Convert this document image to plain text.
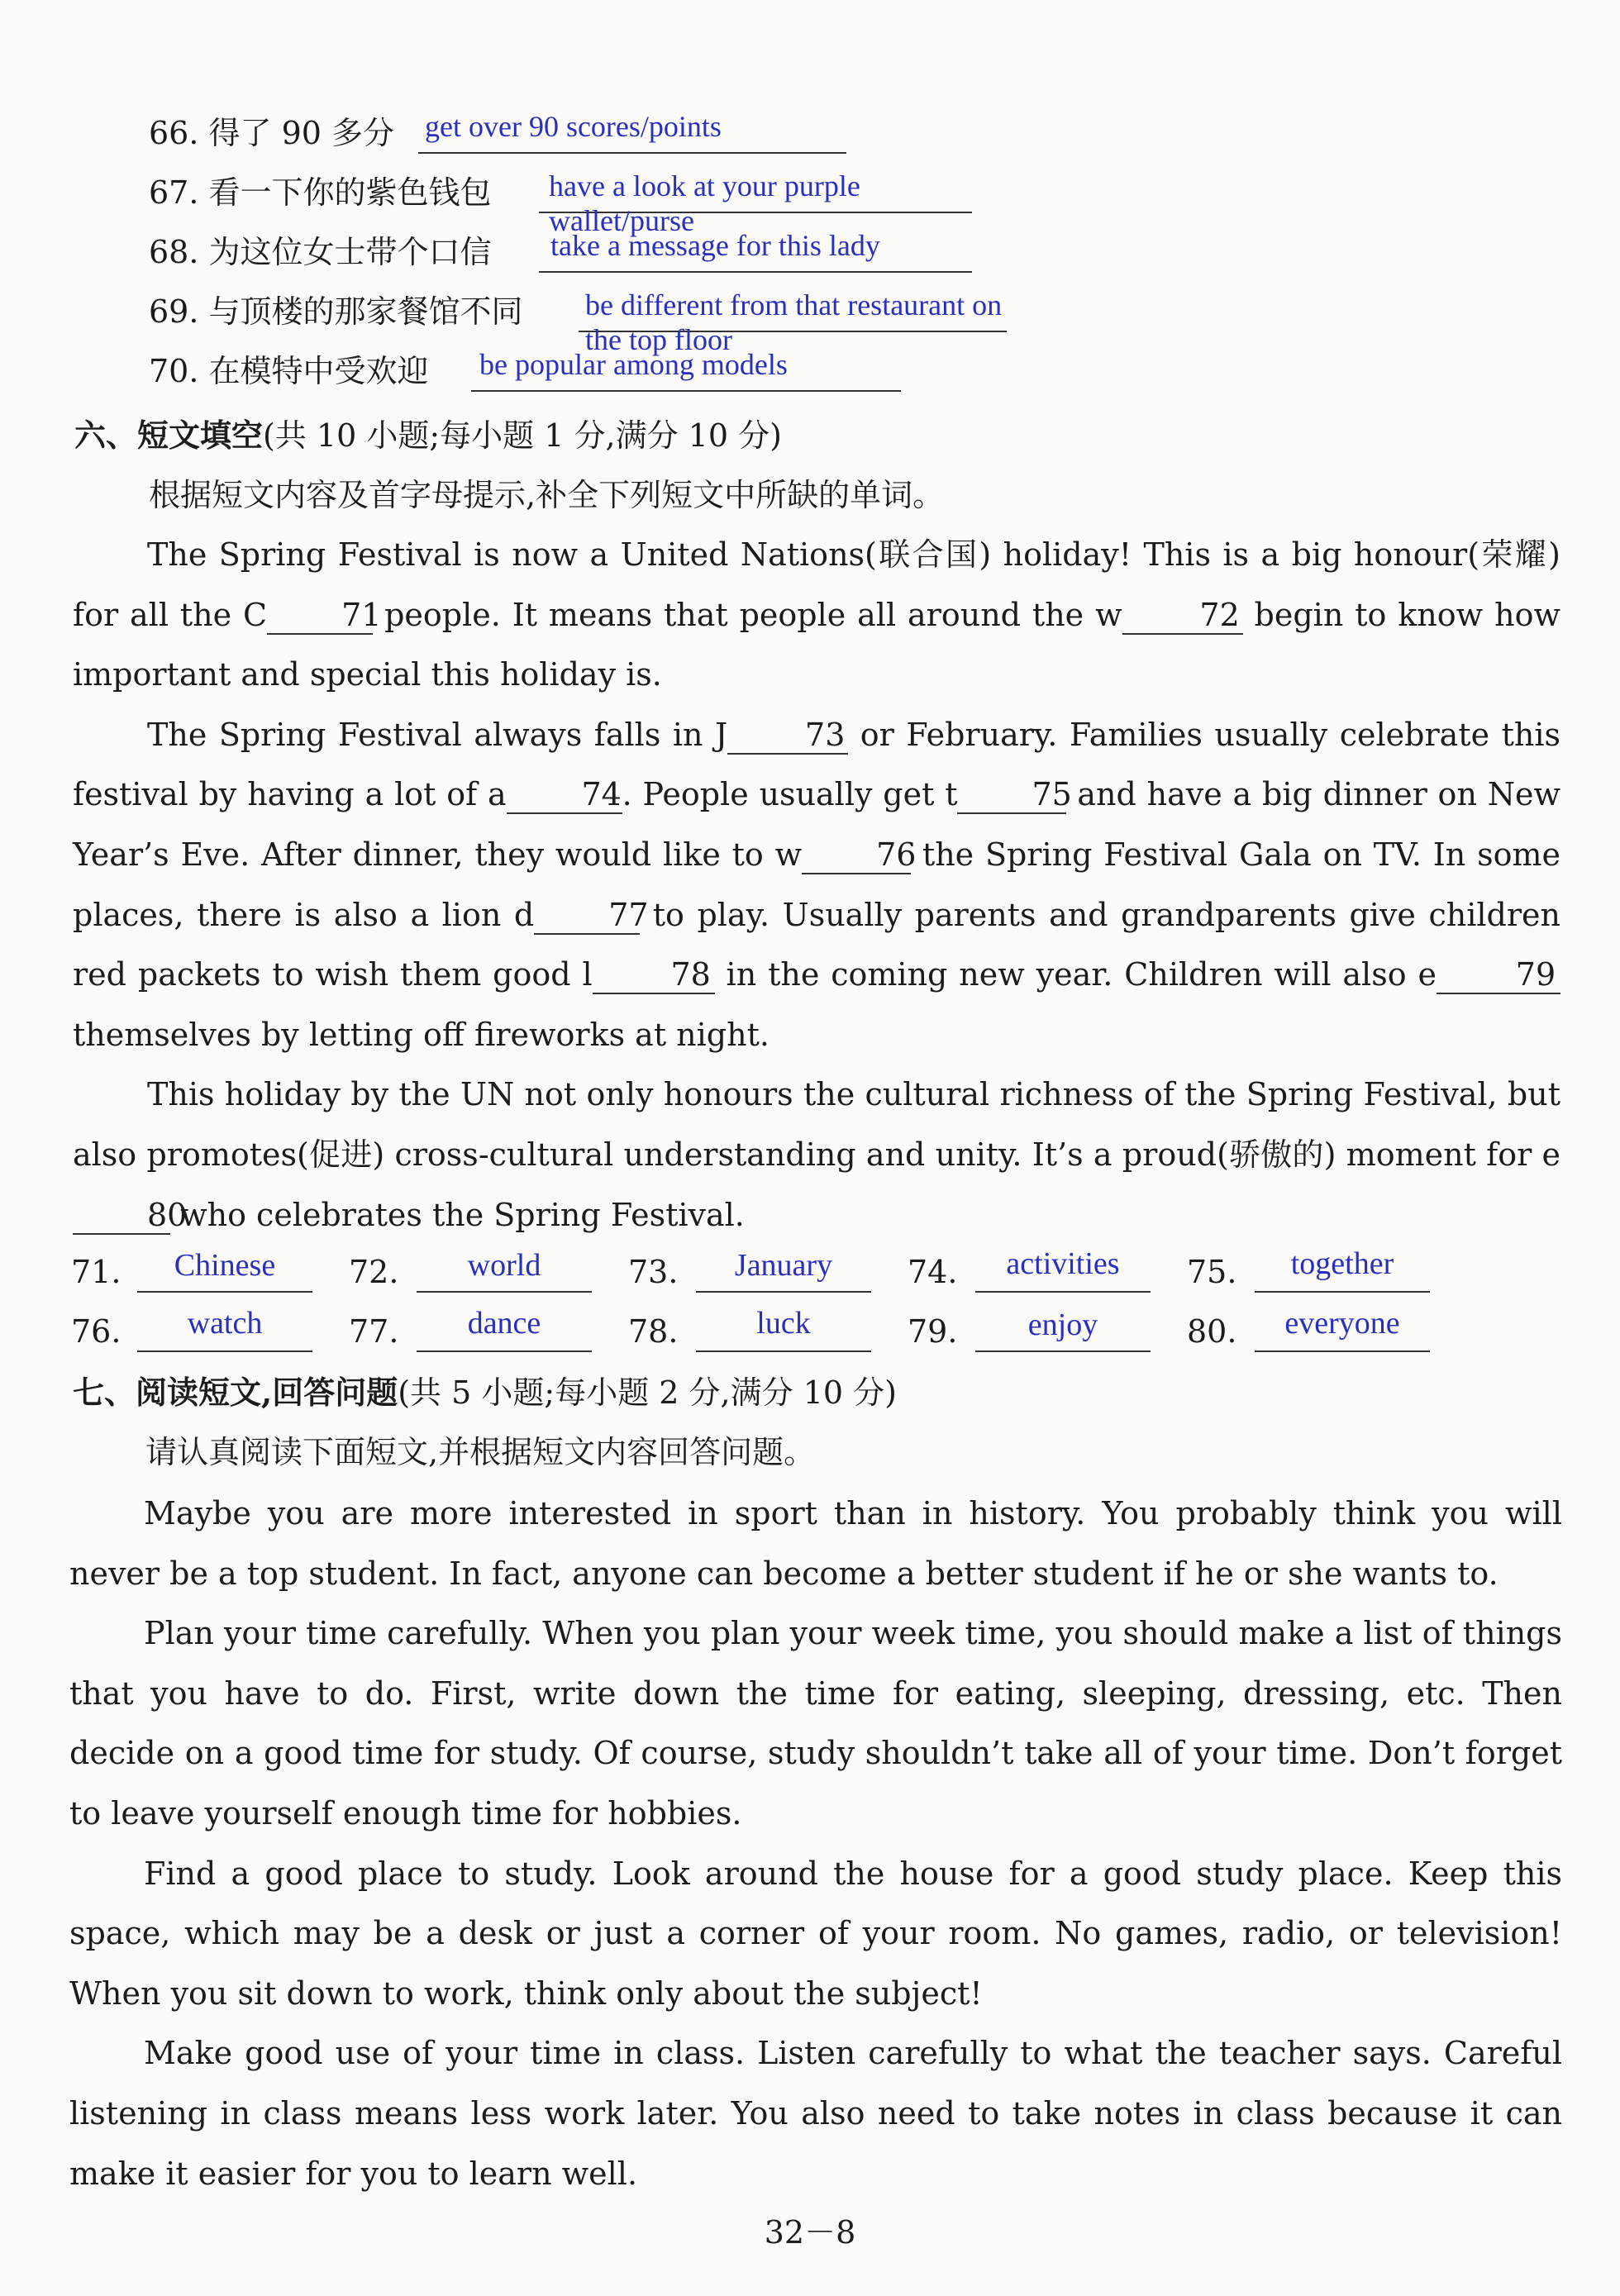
66. 得了 90 多分 get over 90 scores/points
67. 看一下你的紫色钱包 have a look at your purple wallet/purse
68. 为这位女士带个口信 take a message for this lady
69. 与顶楼的那家餐馆不同 be different from that restaurant on the top floor
70. 在模特中受欢迎 be popular among models
六、短文填空(共 10 小题;每小题 1 分,满分 10 分)
根据短文内容及首字母提示,补全下列短文中所缺的单词。

The Spring Festival is now a United Nations(联合国) holiday! This is a big honour(荣耀) for all the C 71 people. It means that people all around the w 72 begin to know how important and special this holiday is.

The Spring Festival always falls in J 73 or February. Families usually celebrate this festival by having a lot of a 74. People usually get t 75 and have a big dinner on New Year’s Eve. After dinner, they would like to w 76 the Spring Festival Gala on TV. In some places, there is also a lion d 77 to play. Usually parents and grandparents give children red packets to wish them good l 78 in the coming new year. Children will also e	79 themselves by letting off fireworks at night.

This holiday by the UN not only honours the cultural richness of the Spring Festival, but also promotes(促进) cross-cultural understanding and unity. It’s a proud(骄傲的) moment for e80 who celebrates the Spring Festival.

71.	Chinese	72.	world	73.	January	74.	activities	75.	together
76.	watch	77.	dance	78.	luck	79.	enjoy	80.	everyone
七、阅读短文,回答问题(共 5 小题;每小题 2 分,满分 10 分)
请认真阅读下面短文,并根据短文内容回答问题。

Maybe you are more interested in sport than in history. You probably think you will never be a top student. In fact, anyone can become a better student if he or she wants to.

Plan your time carefully. When you plan your week time, you should make a list of things that you have to do. First, write down the time for eating, sleeping, dressing, etc. Then decide on a good time for study. Of course, study shouldn’t take all of your time. Don’t forget to leave yourself enough time for hobbies.

Find a good place to study. Look around the house for a good study place. Keep this space, which may be a desk or just a corner of your room. No games, radio, or television! When you sit down to work, think only about the subject!

Make good use of your time in class. Listen carefully to what the teacher says. Careful listening in class means less work later. You also need to take notes in class because it can make it easier for you to learn well.

32－8
